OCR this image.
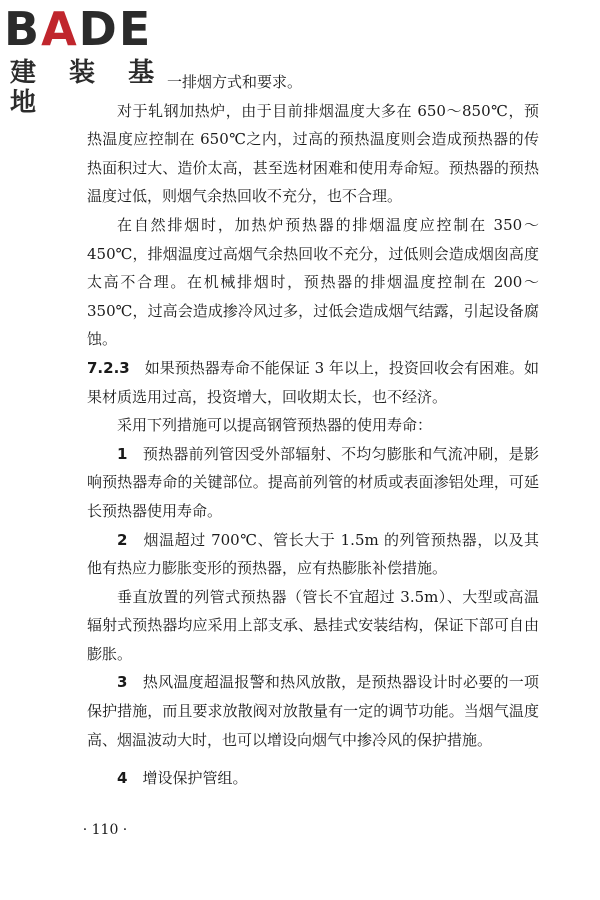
BADE
建 装 基 地

一排烟方式和要求。

对于轧钢加热炉，由于目前排烟温度大多在 650～850℃，预热温度应控制在 650℃之内，过高的预热温度则会造成预热器的传热面积过大、造价太高，甚至选材困难和使用寿命短。预热器的预热温度过低，则烟气余热回收不充分，也不合理。

在自然排烟时，加热炉预热器的排烟温度应控制在 350～450℃，排烟温度过高烟气余热回收不充分，过低则会造成烟囱高度太高不合理。在机械排烟时，预热器的排烟温度控制在 200～350℃，过高会造成掺冷风过多，过低会造成烟气结露，引起设备腐蚀。

7.2.3　 如果预热器寿命不能保证 3 年以上，投资回收会有困难。如果材质选用过高，投资增大，回收期太长，也不经济。

采用下列措施可以提高钢管预热器的使用寿命：

1　 预热器前列管因受外部辐射、不均匀膨胀和气流冲刷，是影响预热器寿命的关键部位。提高前列管的材质或表面渗铝处理，可延长预热器使用寿命。

2　 烟温超过 700℃、管长大于 1.5m 的列管预热器，以及其他有热应力膨胀变形的预热器，应有热膨胀补偿措施。

垂直放置的列管式预热器（管长不宜超过 3.5m）、大型或高温辐射式预热器均应采用上部支承、悬挂式安装结构，保证下部可自由膨胀。

3　 热风温度超温报警和热风放散，是预热器设计时必要的一项保护措施，而且要求放散阀对放散量有一定的调节功能。当烟气温度高、烟温波动大时，也可以增设向烟气中掺冷风的保护措施。

4　 增设保护管组。

· 110 ·
